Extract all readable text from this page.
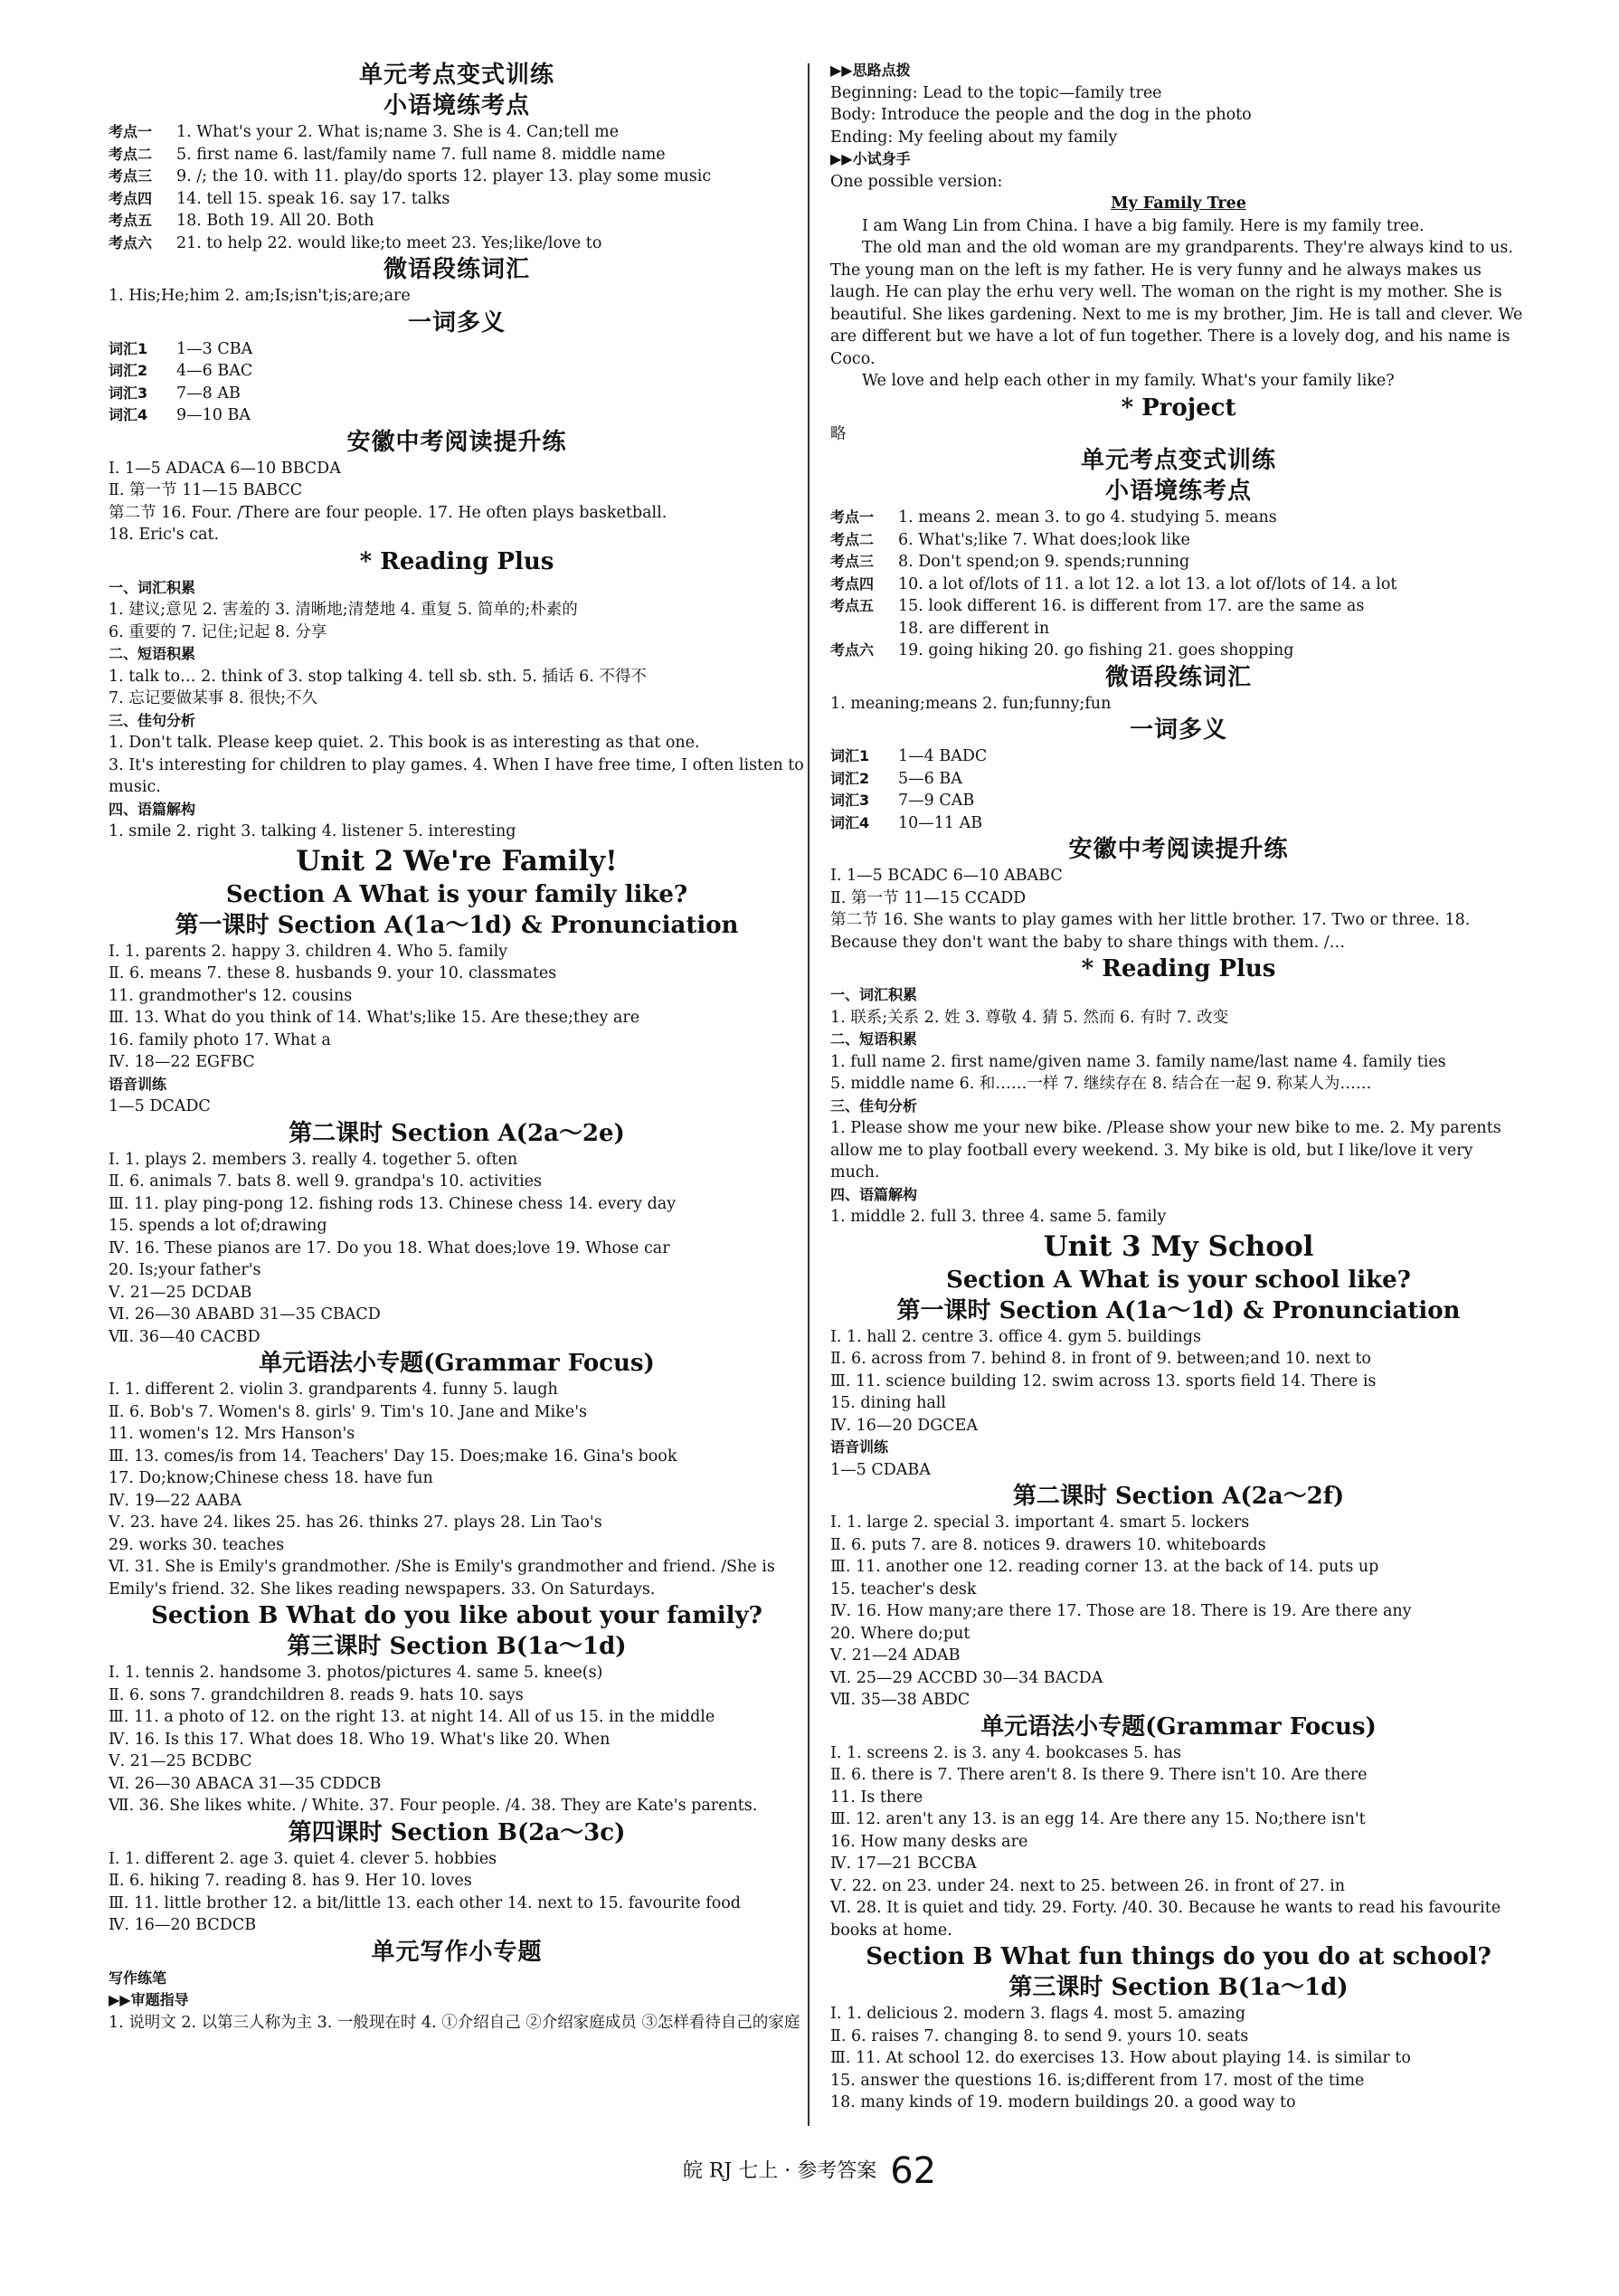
单元考点变式训练
小语境练考点
考点一	1. What's your 2. What is;name 3. She is 4. Can;tell me
考点二	5. first name 6. last/family name 7. full name 8. middle name
考点三	9. /; the 10. with 11. play/do sports 12. player 13. play some music
考点四	14. tell 15. speak 16. say 17. talks
考点五	18. Both 19. All 20. Both
考点六	21. to help 22. would like;to meet 23. Yes;like/love to
微语段练词汇
1. His;He;him 2. am;Is;isn't;is;are;are
一词多义
词汇1	1—3 CBA
词汇2	4—6 BAC
词汇3	7—8 AB
词汇4	9—10 BA
安徽中考阅读提升练
Ⅰ. 1—5 ADACA 6—10 BBCDA
Ⅱ. 第一节 11—15 BABCC
第二节 16. Four. /There are four people. 17. He often plays basketball.
18. Eric's cat.
* Reading Plus
一、词汇积累
1. 建议;意见 2. 害羞的 3. 清晰地;清楚地 4. 重复 5. 简单的;朴素的
6. 重要的 7. 记住;记起 8. 分享
二、短语积累
1. talk to… 2. think of 3. stop talking 4. tell sb. sth. 5. 插话 6. 不得不
7. 忘记要做某事 8. 很快;不久
三、佳句分析
1. Don't talk. Please keep quiet. 2. This book is as interesting as that one.
3. It's interesting for children to play games. 4. When I have free time, I often listen to music.
四、语篇解构
1. smile 2. right 3. talking 4. listener 5. interesting
Unit 2 We're Family!
Section A What is your family like?
第一课时 Section A(1a～1d) & Pronunciation
Ⅰ. 1. parents 2. happy 3. children 4. Who 5. family
Ⅱ. 6. means 7. these 8. husbands 9. your 10. classmates
11. grandmother's 12. cousins
Ⅲ. 13. What do you think of 14. What's;like 15. Are these;they are
16. family photo 17. What a
Ⅳ. 18—22 EGFBC
语音训练
1—5 DCADC
第二课时 Section A(2a～2e)
Ⅰ. 1. plays 2. members 3. really 4. together 5. often
Ⅱ. 6. animals 7. bats 8. well 9. grandpa's 10. activities
Ⅲ. 11. play ping-pong 12. fishing rods 13. Chinese chess 14. every day
15. spends a lot of;drawing
Ⅳ. 16. These pianos are 17. Do you 18. What does;love 19. Whose car
20. Is;your father's
Ⅴ. 21—25 DCDAB
Ⅵ. 26—30 ABABD 31—35 CBACD
Ⅶ. 36—40 CACBD
单元语法小专题(Grammar Focus)
Ⅰ. 1. different 2. violin 3. grandparents 4. funny 5. laugh
Ⅱ. 6. Bob's 7. Women's 8. girls' 9. Tim's 10. Jane and Mike's
11. women's 12. Mrs Hanson's
Ⅲ. 13. comes/is from 14. Teachers' Day 15. Does;make 16. Gina's book
17. Do;know;Chinese chess 18. have fun
Ⅳ. 19—22 AABA
Ⅴ. 23. have 24. likes 25. has 26. thinks 27. plays 28. Lin Tao's
29. works 30. teaches
Ⅵ. 31. She is Emily's grandmother. /She is Emily's grandmother and friend. /She is Emily's friend. 32. She likes reading newspapers. 33. On Saturdays.
Section B What do you like about your family?
第三课时 Section B(1a～1d)
Ⅰ. 1. tennis 2. handsome 3. photos/pictures 4. same 5. knee(s)
Ⅱ. 6. sons 7. grandchildren 8. reads 9. hats 10. says
Ⅲ. 11. a photo of 12. on the right 13. at night 14. All of us 15. in the middle
Ⅳ. 16. Is this 17. What does 18. Who 19. What's like 20. When
Ⅴ. 21—25 BCDBC
Ⅵ. 26—30 ABACA 31—35 CDDCB
Ⅶ. 36. She likes white. / White. 37. Four people. /4. 38. They are Kate's parents.
第四课时 Section B(2a～3c)
Ⅰ. 1. different 2. age 3. quiet 4. clever 5. hobbies
Ⅱ. 6. hiking 7. reading 8. has 9. Her 10. loves
Ⅲ. 11. little brother 12. a bit/little 13. each other 14. next to 15. favourite food
Ⅳ. 16—20 BCDCB
单元写作小专题
写作练笔
▶▶审题指导
1. 说明文 2. 以第三人称为主 3. 一般现在时 4. ①介绍自己 ②介绍家庭成员 ③怎样看待自己的家庭
▶▶思路点拨
Beginning: Lead to the topic—family tree
Body: Introduce the people and the dog in the photo
Ending: My feeling about my family
▶▶小试身手
One possible version:
My Family Tree
I am Wang Lin from China. I have a big family. Here is my family tree.
The old man and the old woman are my grandparents. They're always kind to us. The young man on the left is my father. He is very funny and he always makes us laugh. He can play the erhu very well. The woman on the right is my mother. She is beautiful. She likes gardening. Next to me is my brother, Jim. He is tall and clever. We are different but we have a lot of fun together. There is a lovely dog, and his name is Coco.
We love and help each other in my family. What's your family like?
* Project
略
单元考点变式训练
小语境练考点
考点一	1. means 2. mean 3. to go 4. studying 5. means
考点二	6. What's;like 7. What does;look like
考点三	8. Don't spend;on 9. spends;running
考点四	10. a lot of/lots of 11. a lot 12. a lot 13. a lot of/lots of 14. a lot
考点五	15. look different 16. is different from 17. are the same as
18. are different in
考点六	19. going hiking 20. go fishing 21. goes shopping
微语段练词汇
1. meaning;means 2. fun;funny;fun
一词多义
词汇1	1—4 BADC
词汇2	5—6 BA
词汇3	7—9 CAB
词汇4	10—11 AB
安徽中考阅读提升练
Ⅰ. 1—5 BCADC 6—10 ABABC
Ⅱ. 第一节 11—15 CCADD
第二节 16. She wants to play games with her little brother. 17. Two or three. 18. Because they don't want the baby to share things with them. /…
* Reading Plus
一、词汇积累
1. 联系;关系 2. 姓 3. 尊敬 4. 猜 5. 然而 6. 有时 7. 改变
二、短语积累
1. full name 2. first name/given name 3. family name/last name 4. family ties
5. middle name 6. 和……一样 7. 继续存在 8. 结合在一起 9. 称某人为……
三、佳句分析
1. Please show me your new bike. /Please show your new bike to me. 2. My parents allow me to play football every weekend. 3. My bike is old, but I like/love it very much.
四、语篇解构
1. middle 2. full 3. three 4. same 5. family
Unit 3 My School
Section A What is your school like?
第一课时 Section A(1a～1d) & Pronunciation
Ⅰ. 1. hall 2. centre 3. office 4. gym 5. buildings
Ⅱ. 6. across from 7. behind 8. in front of 9. between;and 10. next to
Ⅲ. 11. science building 12. swim across 13. sports field 14. There is
15. dining hall
Ⅳ. 16—20 DGCEA
语音训练
1—5 CDABA
第二课时 Section A(2a～2f)
Ⅰ. 1. large 2. special 3. important 4. smart 5. lockers
Ⅱ. 6. puts 7. are 8. notices 9. drawers 10. whiteboards
Ⅲ. 11. another one 12. reading corner 13. at the back of 14. puts up
15. teacher's desk
Ⅳ. 16. How many;are there 17. Those are 18. There is 19. Are there any
20. Where do;put
Ⅴ. 21—24 ADAB
Ⅵ. 25—29 ACCBD 30—34 BACDA
Ⅶ. 35—38 ABDC
单元语法小专题(Grammar Focus)
Ⅰ. 1. screens 2. is 3. any 4. bookcases 5. has
Ⅱ. 6. there is 7. There aren't 8. Is there 9. There isn't 10. Are there
11. Is there
Ⅲ. 12. aren't any 13. is an egg 14. Are there any 15. No;there isn't
16. How many desks are
Ⅳ. 17—21 BCCBA
Ⅴ. 22. on 23. under 24. next to 25. between 26. in front of 27. in
Ⅵ. 28. It is quiet and tidy. 29. Forty. /40. 30. Because he wants to read his favourite books at home.
Section B What fun things do you do at school?
第三课时 Section B(1a～1d)
Ⅰ. 1. delicious 2. modern 3. flags 4. most 5. amazing
Ⅱ. 6. raises 7. changing 8. to send 9. yours 10. seats
Ⅲ. 11. At school 12. do exercises 13. How about playing 14. is similar to
15. answer the questions 16. is;different from 17. most of the time
18. many kinds of 19. modern buildings 20. a good way to
皖 RJ 七上 · 参考答案 62
